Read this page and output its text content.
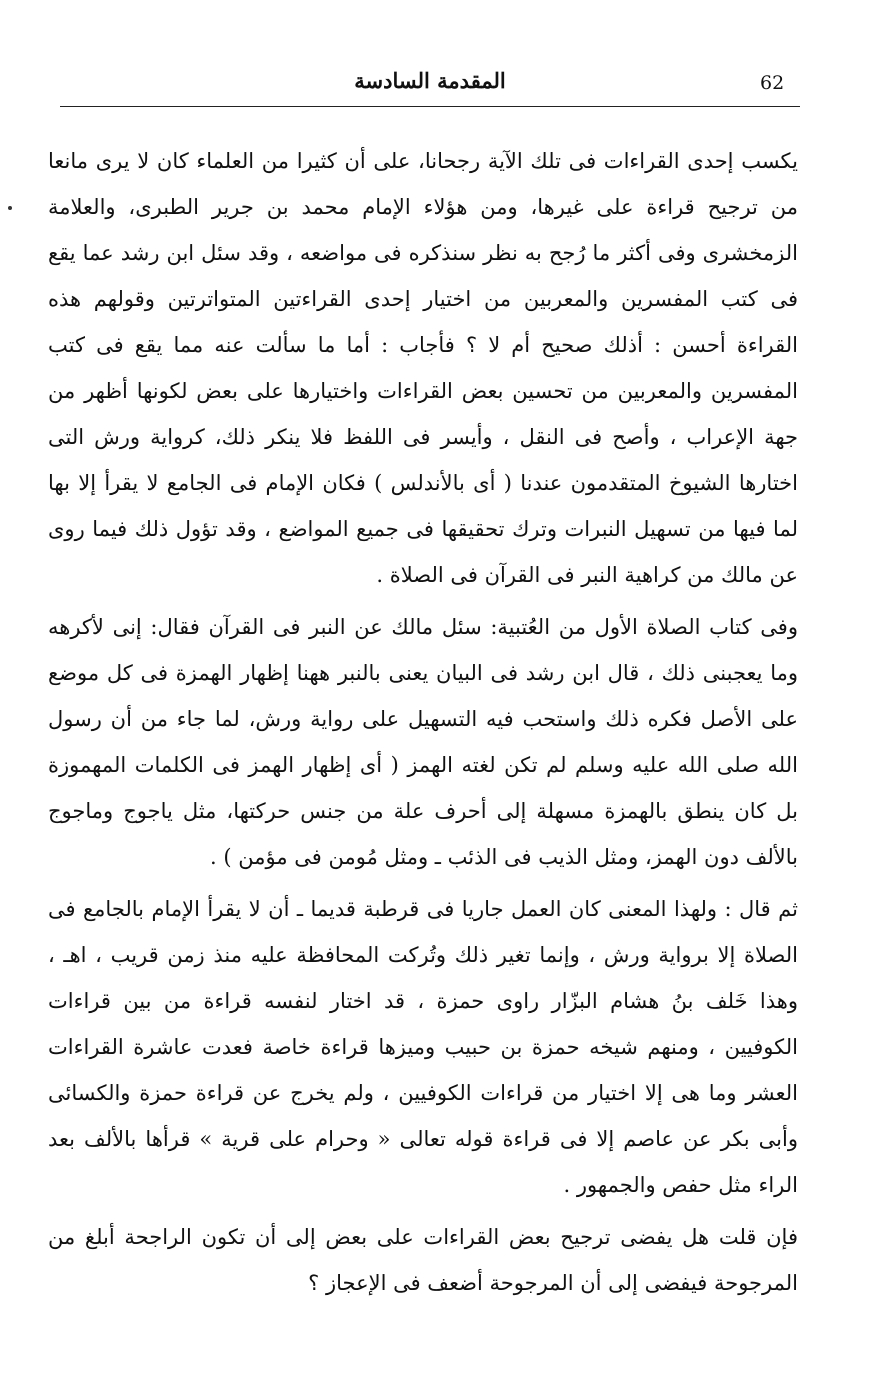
62
المقدمة السادسة

يكسب إحدى القراءات فى تلك الآية رجحانا، على أن كثيرا من العلماء كان لا يرى مانعا من ترجيح قراءة على غيرها، ومن هؤلاء الإمام محمد بن جرير الطبرى، والعلامة الزمخشرى وفى أكثر ما رُجح به نظر سنذكره فى مواضعه ، وقد سئل ابن رشد عما يقع فى كتب المفسرين والمعربين من اختيار إحدى القراءتين المتواترتين وقولهم هذه القراءة أحسن : أذلك صحيح أم لا ؟ فأجاب : أما ما سألت عنه مما يقع فى كتب المفسرين والمعربين من تحسين بعض القراءات واختيارها على بعض لكونها أظهر من جهة الإعراب ، وأصح فى النقل ، وأيسر فى اللفظ فلا ينكر ذلك، كرواية ورش التى اختارها الشيوخ المتقدمون عندنا ( أى بالأندلس ) فكان الإمام فى الجامع لا يقرأ إلا بها لما فيها من تسهيل النبرات وترك تحقيقها فى جميع المواضع ، وقد تؤول ذلك فيما روى عن مالك من كراهية النبر فى القرآن فى الصلاة .

وفى كتاب الصلاة الأول من العُتبية: سئل مالك عن النبر فى القرآن فقال: إنى لأكرهه وما يعجبنى ذلك ، قال ابن رشد فى البيان يعنى بالنبر ههنا إظهار الهمزة فى كل موضع على الأصل فكره ذلك واستحب فيه التسهيل على رواية ورش، لما جاء من أن رسول الله صلى الله عليه وسلم لم تكن لغته الهمز ( أى إظهار الهمز فى الكلمات المهموزة بل كان ينطق بالهمزة مسهلة إلى أحرف علة من جنس حركتها، مثل ياجوج وماجوج بالألف دون الهمز، ومثل الذيب فى الذئب ـ ومثل مُومن فى مؤمن ) .

ثم قال : ولهذا المعنى كان العمل جاريا فى قرطبة قديما ـ أن لا يقرأ الإمام بالجامع فى الصلاة إلا برواية ورش ، وإنما تغير ذلك وتُركت المحافظة عليه منذ زمن قريب ، اهـ ، وهذا خَلف بنُ هشام البزّار راوى حمزة ، قد اختار لنفسه قراءة من بين قراءات الكوفيين ، ومنهم شيخه حمزة بن حبيب وميزها قراءة خاصة فعدت عاشرة القراءات العشر وما هى إلا اختيار من قراءات الكوفيين ، ولم يخرج عن قراءة حمزة والكسائى وأبى بكر عن عاصم إلا فى قراءة قوله تعالى « وحرام على قرية » قرأها بالألف بعد الراء مثل حفص والجمهور .

فإن قلت هل يفضى ترجيح بعض القراءات على بعض إلى أن تكون الراجحة أبلغ من المرجوحة فيفضى إلى أن المرجوحة أضعف فى الإعجاز ؟
